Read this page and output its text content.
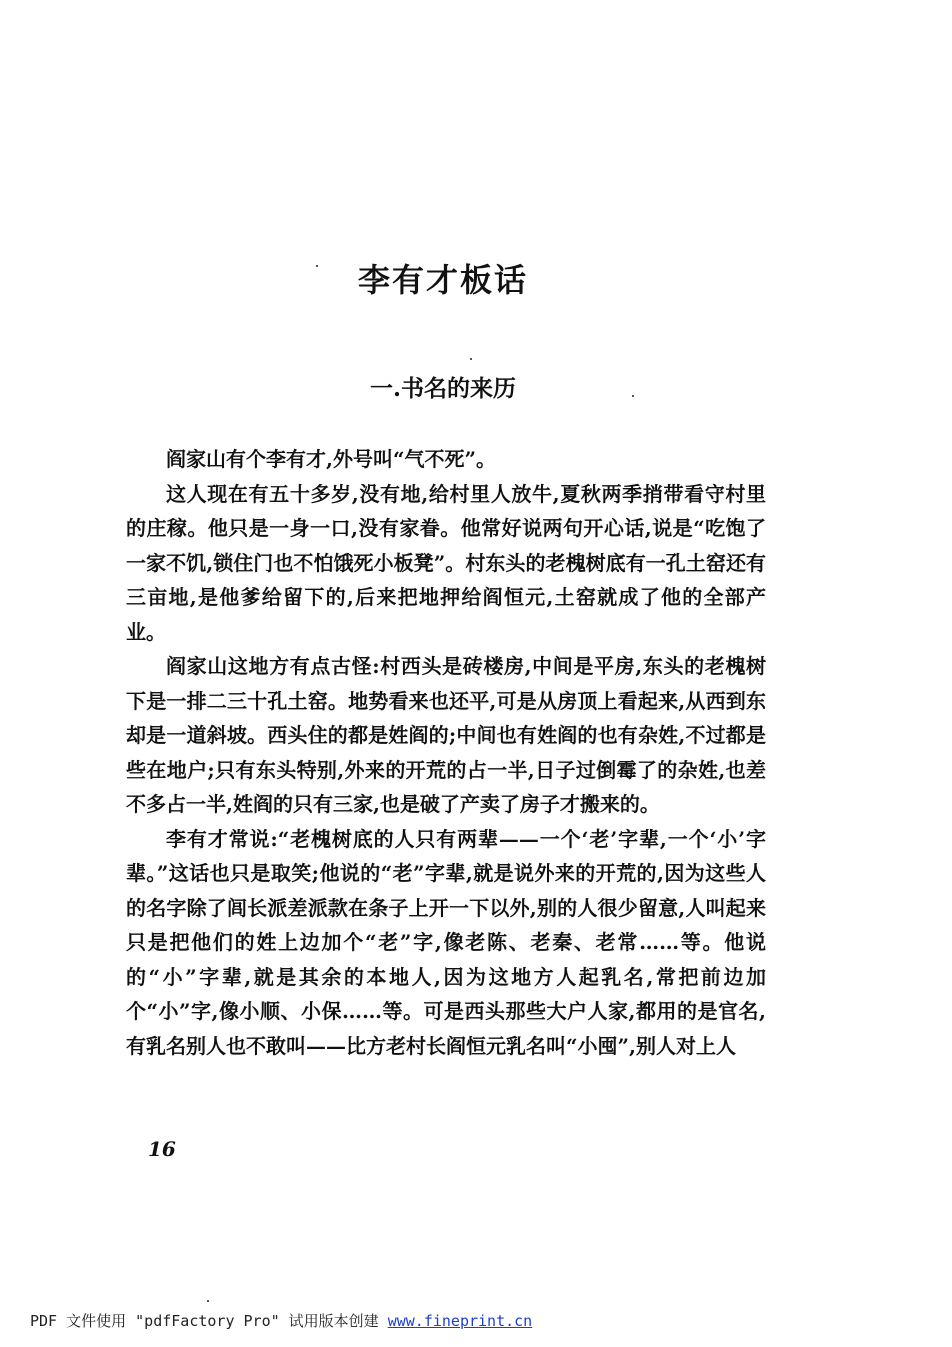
李有才板话
一.书名的来历

阎家山有个李有才,外号叫“气不死”。

这人现在有五十多岁,没有地,给村里人放牛,夏秋两季捎带看守村里的庄稼。他只是一身一口,没有家眷。他常好说两句开心话,说是“吃饱了一家不饥,锁住门也不怕饿死小板凳”。村东头的老槐树底有一孔土窑还有三亩地,是他爹给留下的,后来把地押给阎恒元,土窑就成了他的全部产业。

阎家山这地方有点古怪:村西头是砖楼房,中间是平房,东头的老槐树下是一排二三十孔土窑。地势看来也还平,可是从房顶上看起来,从西到东却是一道斜坡。西头住的都是姓阎的;中间也有姓阎的也有杂姓,不过都是些在地户;只有东头特别,外来的开荒的占一半,日子过倒霉了的杂姓,也差不多占一半,姓阎的只有三家,也是破了产卖了房子才搬来的。

李有才常说:“老槐树底的人只有两辈——一个‘老’字辈,一个‘小’字辈。”这话也只是取笑;他说的“老”字辈,就是说外来的开荒的,因为这些人的名字除了闾长派差派款在条子上开一下以外,别的人很少留意,人叫起来只是把他们的姓上边加个“老”字,像老陈、老秦、老常……等。他说的“小”字辈,就是其余的本地人,因为这地方人起乳名,常把前边加个“小”字,像小顺、小保……等。可是西头那些大户人家,都用的是官名,有乳名别人也不敢叫——比方老村长阎恒元乳名叫“小囤”,别人对上人

16
PDF 文件使用 "pdfFactory Pro" 试用版本创建 www.fineprint.cn
